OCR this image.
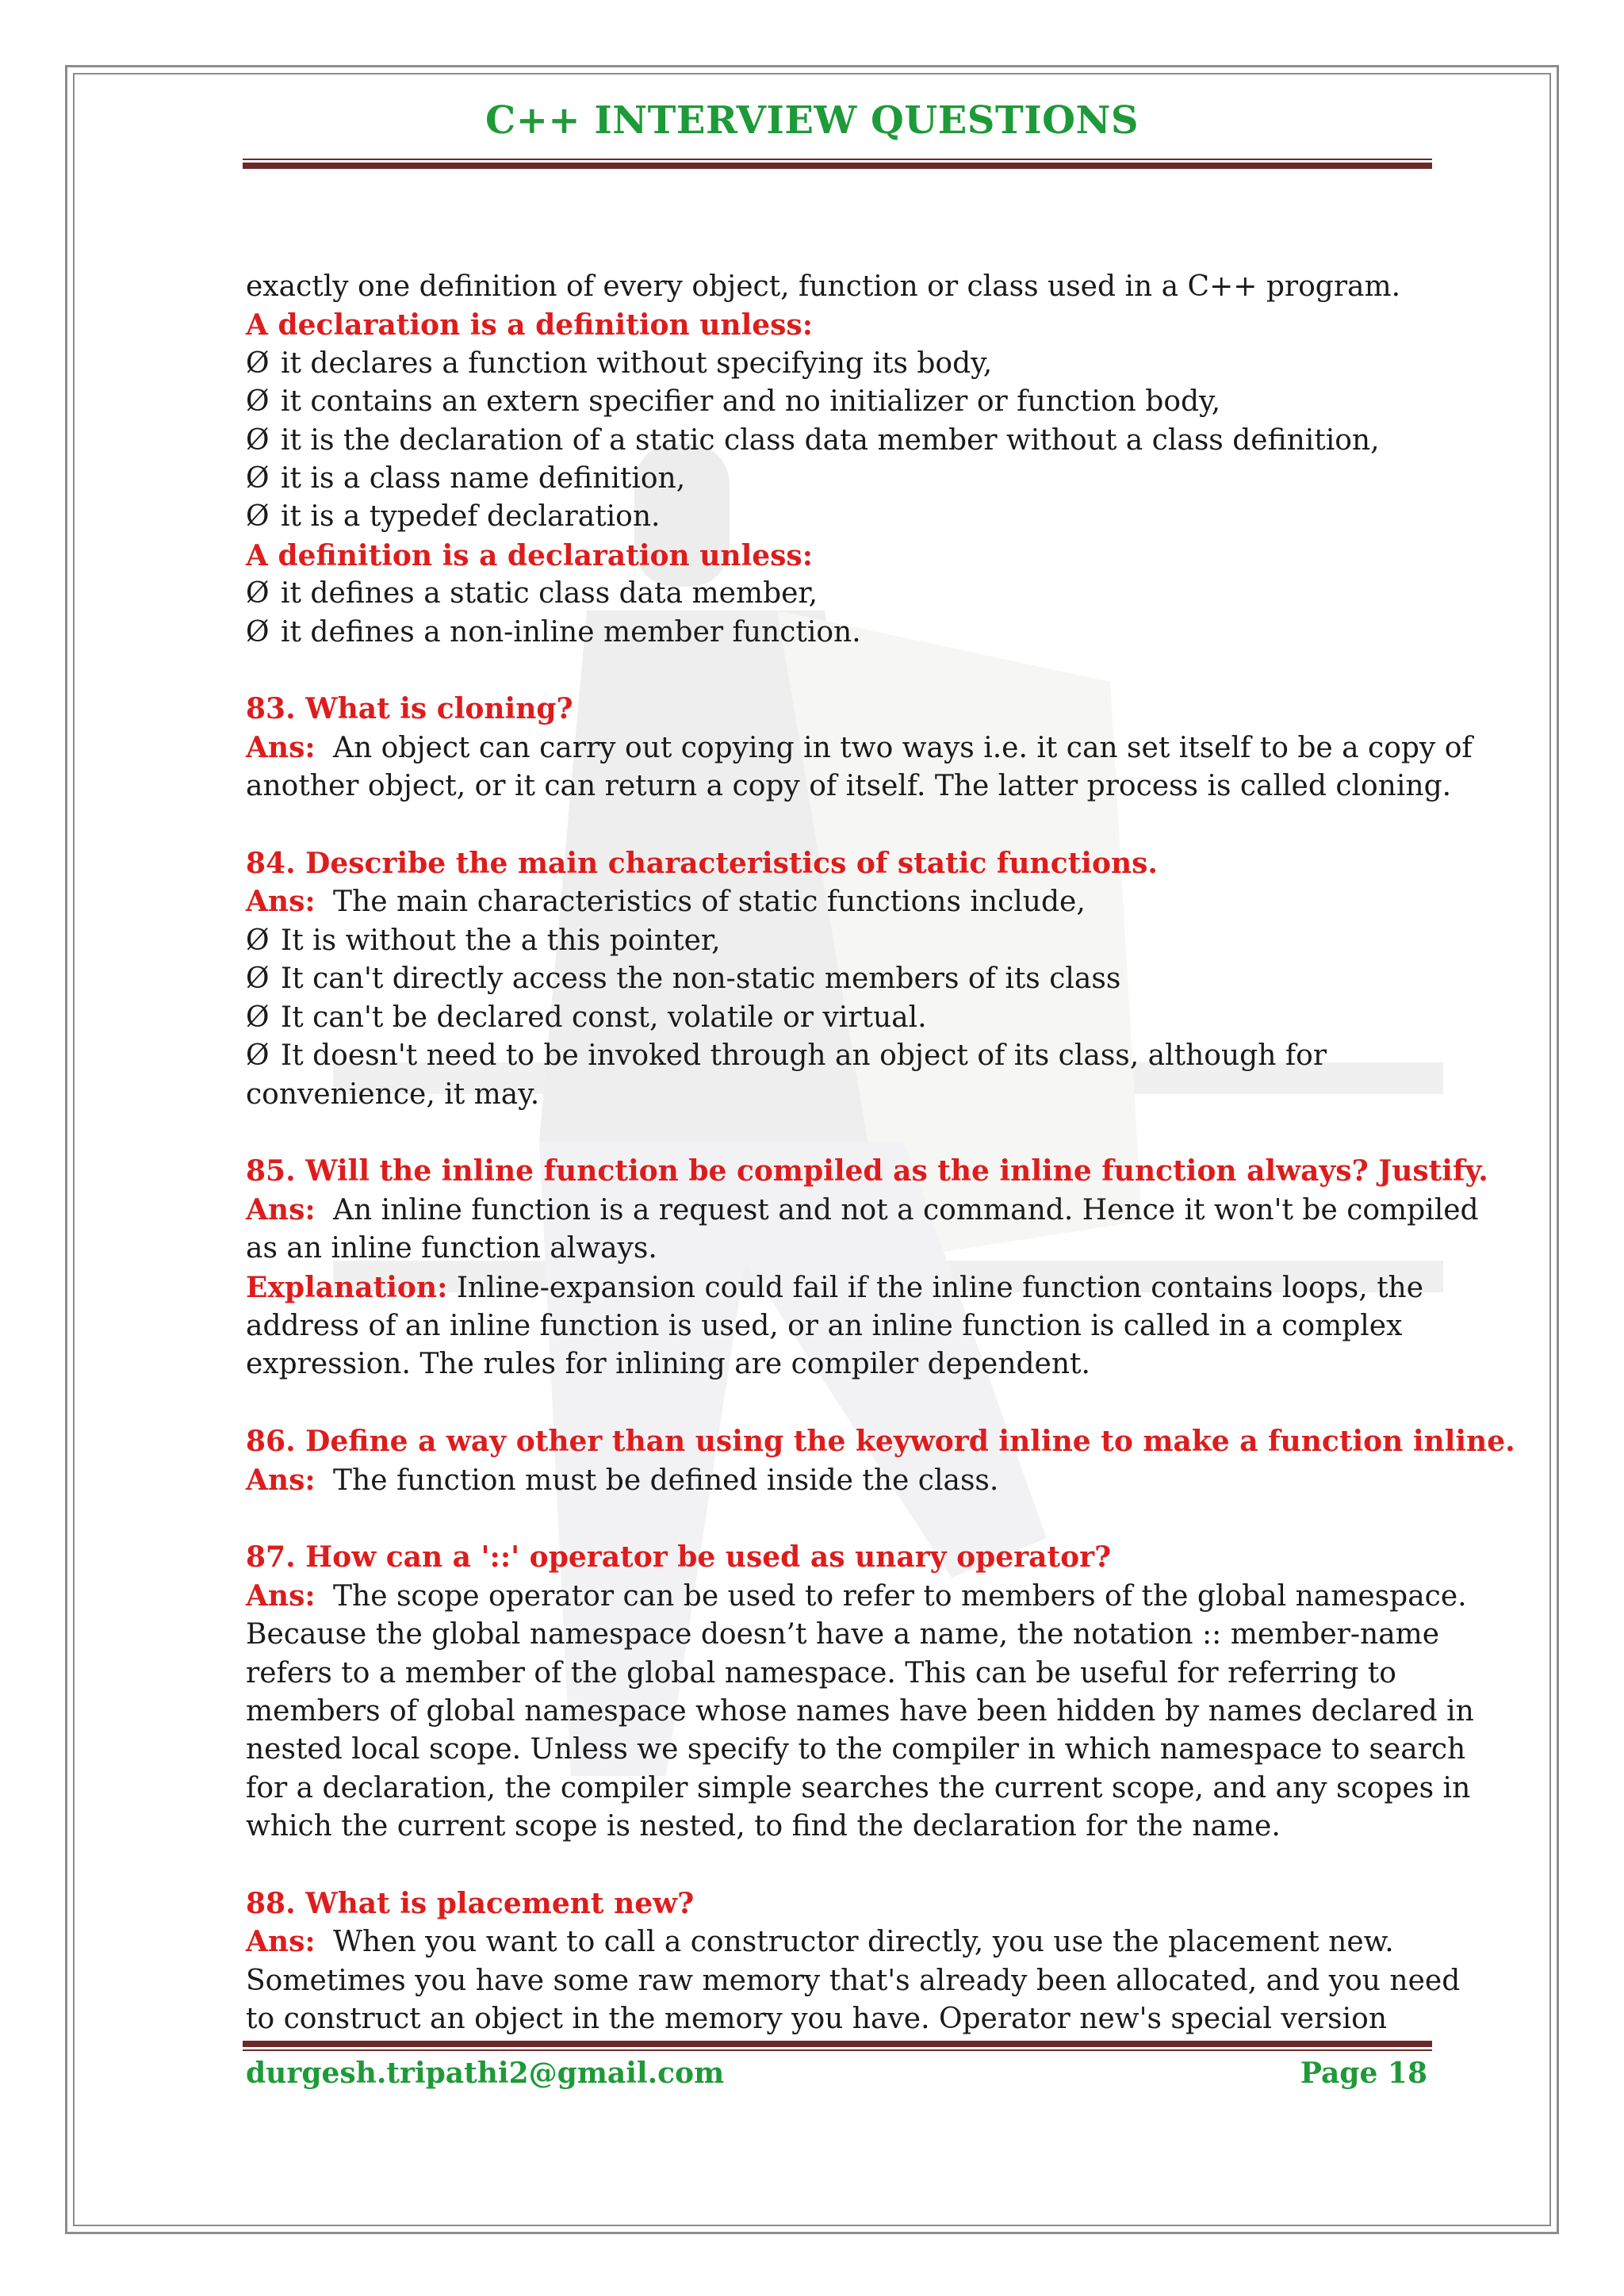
C++ INTERVIEW QUESTIONS
exactly one definition of every object, function or class used in a C++ program.
A declaration is a definition unless:
Ø it declares a function without specifying its body,
Ø it contains an extern specifier and no initializer or function body,
Ø it is the declaration of a static class data member without a class definition,
Ø it is a class name definition,
Ø it is a typedef declaration.
A definition is a declaration unless:
Ø it defines a static class data member,
Ø it defines a non-inline member function.
83. What is cloning?
Ans: An object can carry out copying in two ways i.e. it can set itself to be a copy of
another object, or it can return a copy of itself. The latter process is called cloning.
84. Describe the main characteristics of static functions.
Ans: The main characteristics of static functions include,
Ø It is without the a this pointer,
Ø It can't directly access the non-static members of its class
Ø It can't be declared const, volatile or virtual.
Ø It doesn't need to be invoked through an object of its class, although for
convenience, it may.
85. Will the inline function be compiled as the inline function always? Justify.
Ans: An inline function is a request and not a command. Hence it won't be compiled
as an inline function always.
Explanation: Inline-expansion could fail if the inline function contains loops, the
address of an inline function is used, or an inline function is called in a complex
expression. The rules for inlining are compiler dependent.
86. Define a way other than using the keyword inline to make a function inline.
Ans: The function must be defined inside the class.
87. How can a '::' operator be used as unary operator?
Ans: The scope operator can be used to refer to members of the global namespace.
Because the global namespace doesn’t have a name, the notation :: member-name
refers to a member of the global namespace. This can be useful for referring to
members of global namespace whose names have been hidden by names declared in
nested local scope. Unless we specify to the compiler in which namespace to search
for a declaration, the compiler simple searches the current scope, and any scopes in
which the current scope is nested, to find the declaration for the name.
88. What is placement new?
Ans: When you want to call a constructor directly, you use the placement new.
Sometimes you have some raw memory that's already been allocated, and you need
to construct an object in the memory you have. Operator new's special version
durgesh.tripathi2@gmail.com	Page 18
